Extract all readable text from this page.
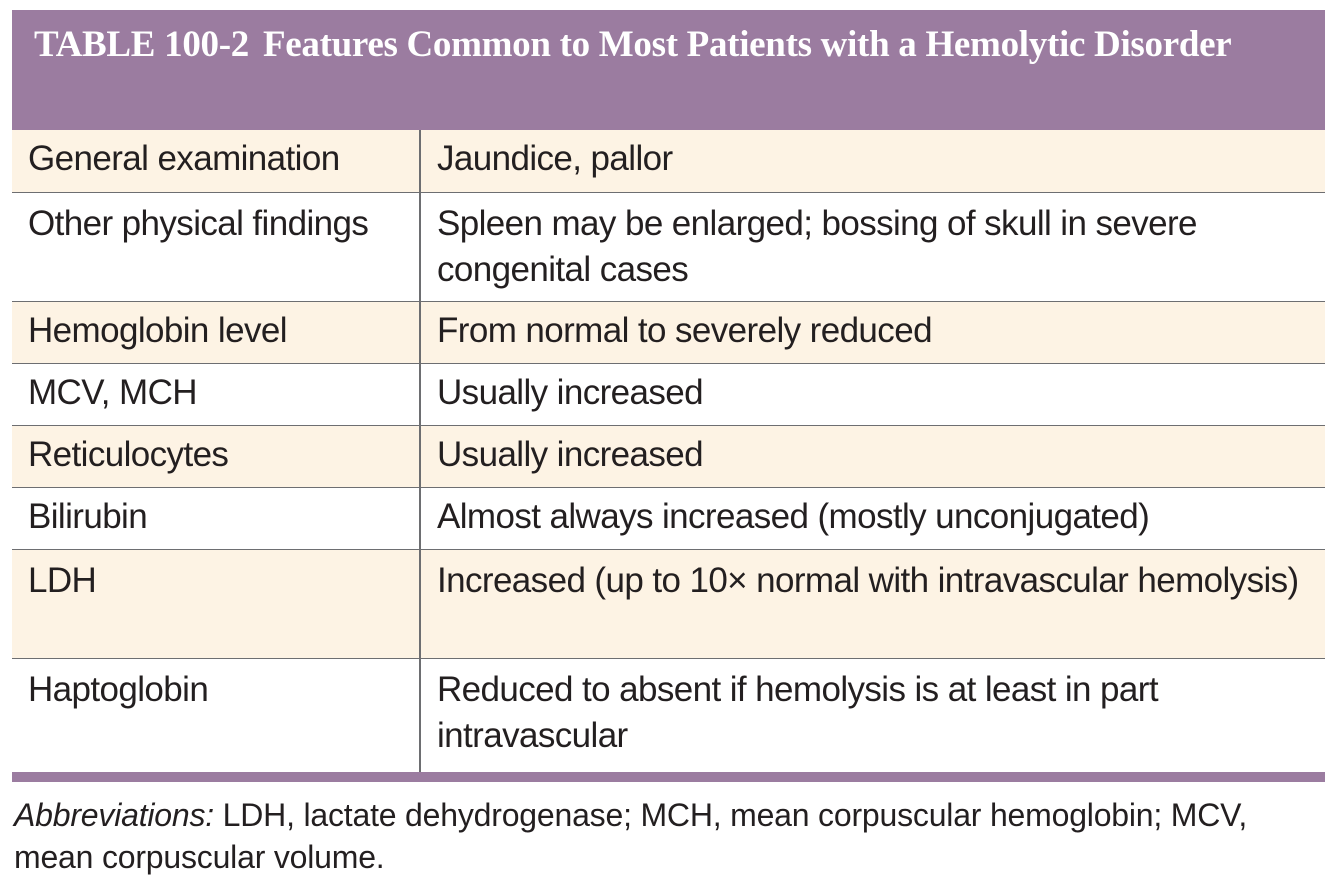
TABLE 100-2 Features Common to Most Patients with a Hemolytic Disorder
General examination	Jaundice, pallor
Other physical findings	Spleen may be enlarged; bossing of skull in severe congenital cases
Hemoglobin level	From normal to severely reduced
MCV, MCH	Usually increased
Reticulocytes	Usually increased
Bilirubin	Almost always increased (mostly unconjugated)
LDH	Increased (up to 10× normal with intravascular hemolysis)
Haptoglobin	Reduced to absent if hemolysis is at least in part intravascular
Abbreviations: LDH, lactate dehydrogenase; MCH, mean corpuscular hemoglobin; MCV, mean corpuscular volume.
